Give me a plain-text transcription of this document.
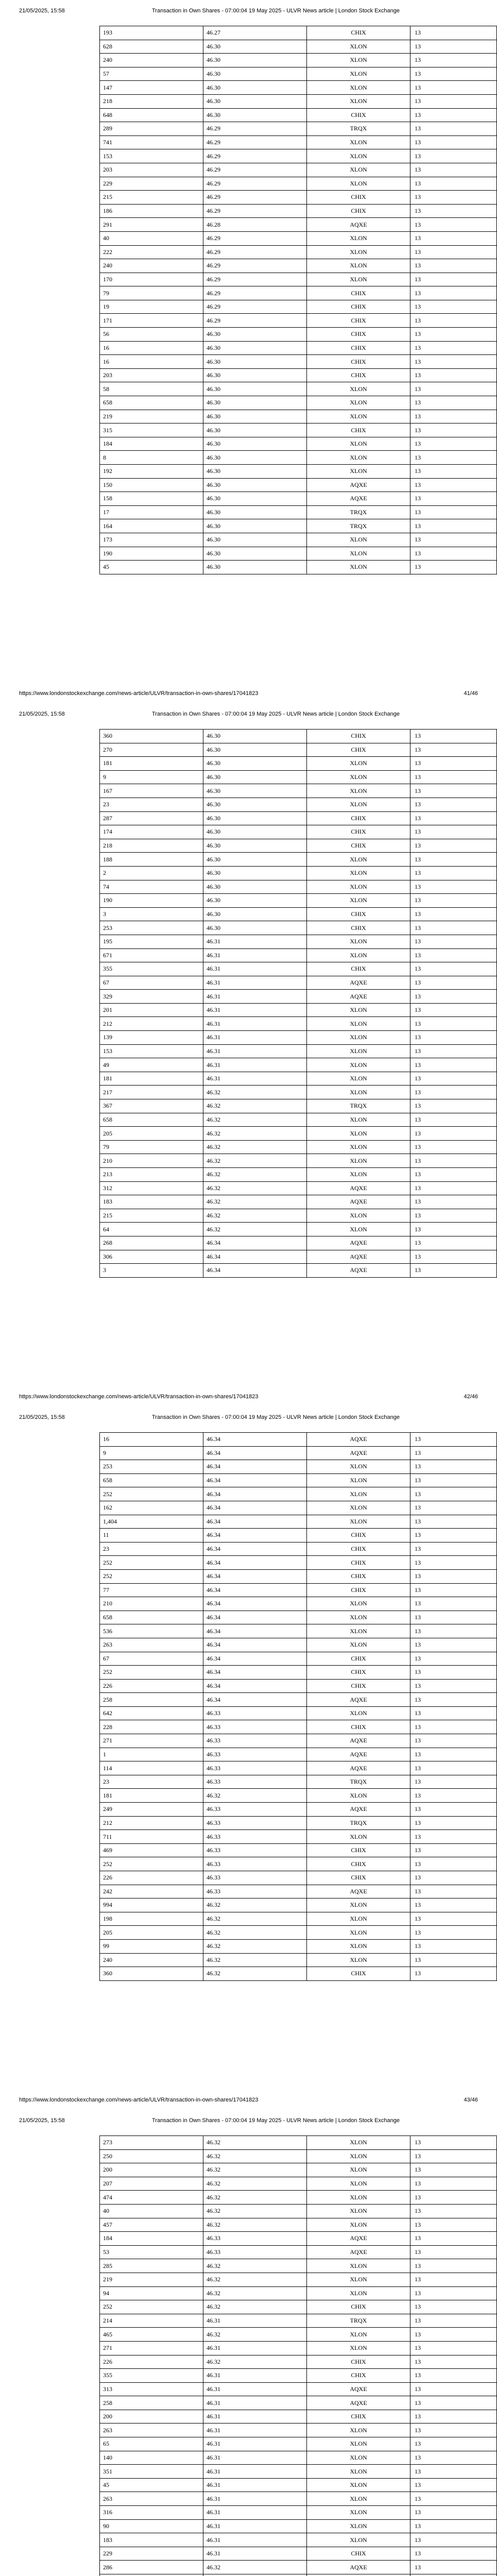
21/05/2025, 15:58	Transaction in Own Shares - 07:00:04 19 May 2025 - ULVR News article | London Stock Exchange
193	46.27	CHIX	13
628	46.30	XLON	13
240	46.30	XLON	13
57	46.30	XLON	13
147	46.30	XLON	13
218	46.30	XLON	13
648	46.30	CHIX	13
289	46.29	TRQX	13
741	46.29	XLON	13
153	46.29	XLON	13
203	46.29	XLON	13
229	46.29	XLON	13
215	46.29	CHIX	13
186	46.29	CHIX	13
291	46.28	AQXE	13
40	46.29	XLON	13
222	46.29	XLON	13
240	46.29	XLON	13
170	46.29	XLON	13
79	46.29	CHIX	13
19	46.29	CHIX	13
171	46.29	CHIX	13
56	46.30	CHIX	13
16	46.30	CHIX	13
16	46.30	CHIX	13
203	46.30	CHIX	13
58	46.30	XLON	13
658	46.30	XLON	13
219	46.30	XLON	13
315	46.30	CHIX	13
184	46.30	XLON	13
8	46.30	XLON	13
192	46.30	XLON	13
150	46.30	AQXE	13
158	46.30	AQXE	13
17	46.30	TRQX	13
164	46.30	TRQX	13
173	46.30	XLON	13
190	46.30	XLON	13
45	46.30	XLON	13
https://www.londonstockexchange.com/news-article/ULVR/transaction-in-own-shares/17041823	41/46
21/05/2025, 15:58	Transaction in Own Shares - 07:00:04 19 May 2025 - ULVR News article | London Stock Exchange
360	46.30	CHIX	13
270	46.30	CHIX	13
181	46.30	XLON	13
9	46.30	XLON	13
167	46.30	XLON	13
23	46.30	XLON	13
287	46.30	CHIX	13
174	46.30	CHIX	13
218	46.30	CHIX	13
188	46.30	XLON	13
2	46.30	XLON	13
74	46.30	XLON	13
190	46.30	XLON	13
3	46.30	CHIX	13
253	46.30	CHIX	13
195	46.31	XLON	13
671	46.31	XLON	13
355	46.31	CHIX	13
67	46.31	AQXE	13
329	46.31	AQXE	13
201	46.31	XLON	13
212	46.31	XLON	13
139	46.31	XLON	13
153	46.31	XLON	13
49	46.31	XLON	13
181	46.31	XLON	13
217	46.32	XLON	13
367	46.32	TRQX	13
658	46.32	XLON	13
205	46.32	XLON	13
79	46.32	XLON	13
210	46.32	XLON	13
213	46.32	XLON	13
312	46.32	AQXE	13
183	46.32	AQXE	13
215	46.32	XLON	13
64	46.32	XLON	13
268	46.34	AQXE	13
306	46.34	AQXE	13
3	46.34	AQXE	13
https://www.londonstockexchange.com/news-article/ULVR/transaction-in-own-shares/17041823	42/46
21/05/2025, 15:58	Transaction in Own Shares - 07:00:04 19 May 2025 - ULVR News article | London Stock Exchange
16	46.34	AQXE	13
9	46.34	AQXE	13
253	46.34	XLON	13
658	46.34	XLON	13
252	46.34	XLON	13
162	46.34	XLON	13
1,404	46.34	XLON	13
11	46.34	CHIX	13
23	46.34	CHIX	13
252	46.34	CHIX	13
252	46.34	CHIX	13
77	46.34	CHIX	13
210	46.34	XLON	13
658	46.34	XLON	13
536	46.34	XLON	13
263	46.34	XLON	13
67	46.34	CHIX	13
252	46.34	CHIX	13
226	46.34	CHIX	13
258	46.34	AQXE	13
642	46.33	XLON	13
228	46.33	CHIX	13
271	46.33	AQXE	13
1	46.33	AQXE	13
114	46.33	AQXE	13
23	46.33	TRQX	13
181	46.32	XLON	13
249	46.33	AQXE	13
212	46.33	TRQX	13
711	46.33	XLON	13
469	46.33	CHIX	13
252	46.33	CHIX	13
226	46.33	CHIX	13
242	46.33	AQXE	13
994	46.32	XLON	13
198	46.32	XLON	13
205	46.32	XLON	13
99	46.32	XLON	13
240	46.32	XLON	13
360	46.32	CHIX	13
https://www.londonstockexchange.com/news-article/ULVR/transaction-in-own-shares/17041823	43/46
21/05/2025, 15:58	Transaction in Own Shares - 07:00:04 19 May 2025 - ULVR News article | London Stock Exchange
273	46.32	XLON	13
250	46.32	XLON	13
200	46.32	XLON	13
207	46.32	XLON	13
474	46.32	XLON	13
40	46.32	XLON	13
457	46.32	XLON	13
184	46.33	AQXE	13
53	46.33	AQXE	13
285	46.32	XLON	13
219	46.32	XLON	13
94	46.32	XLON	13
252	46.32	CHIX	13
214	46.31	TRQX	13
465	46.32	XLON	13
271	46.31	XLON	13
226	46.32	CHIX	13
355	46.31	CHIX	13
313	46.31	AQXE	13
258	46.31	AQXE	13
200	46.31	CHIX	13
263	46.31	XLON	13
65	46.31	XLON	13
140	46.31	XLON	13
351	46.31	XLON	13
45	46.31	XLON	13
263	46.31	XLON	13
316	46.31	XLON	13
90	46.31	XLON	13
183	46.31	XLON	13
229	46.31	CHIX	13
286	46.32	AQXE	13
